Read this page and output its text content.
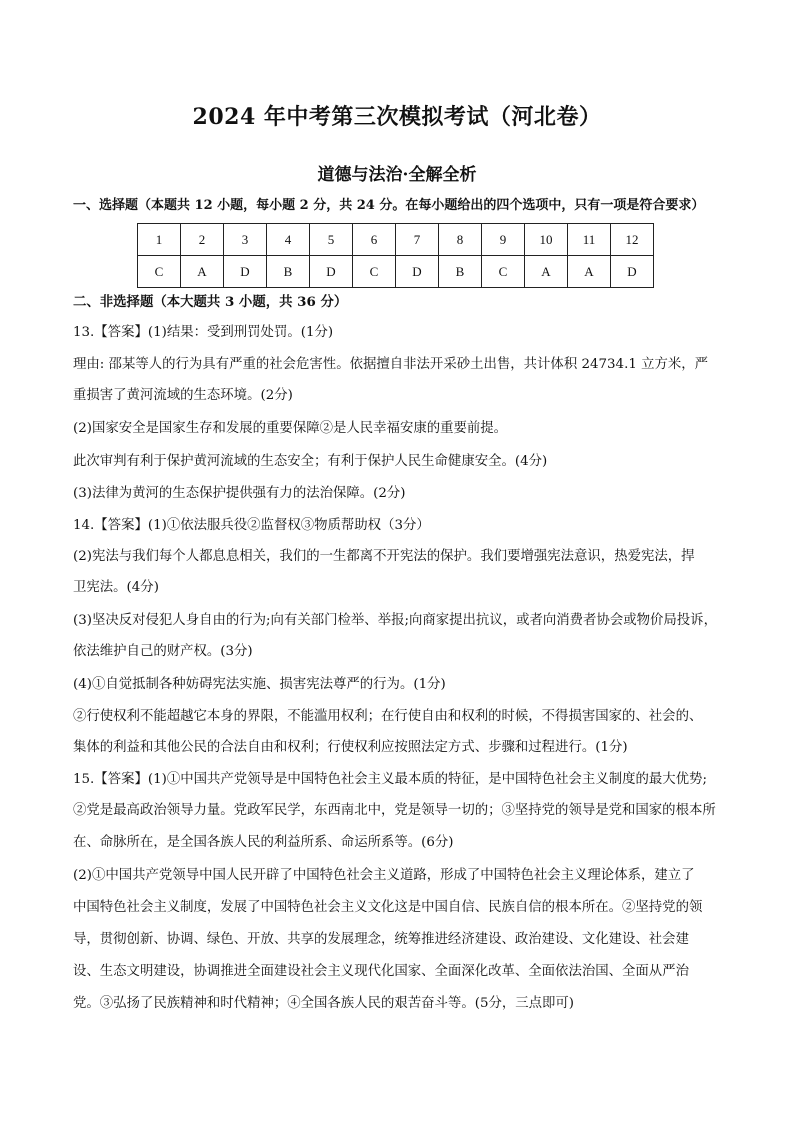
2024 年中考第三次模拟考试（河北卷）
道德与法治·全解全析
一、选择题（本题共 12 小题，每小题 2 分，共 24 分。在每小题给出的四个选项中，只有一项是符合要求）
1	2	3	4	5	6	7	8	9	10	11	12
C	A	D	B	D	C	D	B	C	A	A	D
二、非选择题（本大题共 3 小题，共 36 分）
13.【答案】(1)结果：受到刑罚处罚。(1分)
理由: 邵某等人的行为具有严重的社会危害性。依据擅自非法开采砂土出售，共计体积 24734.1 立方米，严
重损害了黄河流域的生态环境。(2分)
(2)国家安全是国家生存和发展的重要保障②是人民幸福安康的重要前提。
此次审判有利于保护黄河流域的生态安全；有利于保护人民生命健康安全。(4分)
(3)法律为黄河的生态保护提供强有力的法治保障。(2分)
14.【答案】(1)①依法服兵役②监督权③物质帮助权（3分）
(2)宪法与我们每个人都息息相关，我们的一生都离不开宪法的保护。我们要增强宪法意识，热爱宪法，捍
卫宪法。(4分)
(3)坚决反对侵犯人身自由的行为;向有关部门检举、举报;向商家提出抗议，或者向消费者协会或物价局投诉，
依法维护自己的财产权。(3分)
(4)①自觉抵制各种妨碍宪法实施、损害宪法尊严的行为。(1分)
②行使权利不能超越它本身的界限，不能滥用权利；在行使自由和权利的时候，不得损害国家的、社会的、
集体的利益和其他公民的合法自由和权利；行使权利应按照法定方式、步骤和过程进行。(1分)
15.【答案】(1)①中国共产党领导是中国特色社会主义最本质的特征，是中国特色社会主义制度的最大优势;
②党是最高政治领导力量。党政军民学，东西南北中，党是领导一切的；③坚持党的领导是党和国家的根本所
在、命脉所在，是全国各族人民的利益所系、命运所系等。(6分)
(2)①中国共产党领导中国人民开辟了中国特色社会主义道路，形成了中国特色社会主义理论体系，建立了
中国特色社会主义制度，发展了中国特色社会主义文化这是中国自信、民族自信的根本所在。②坚持党的领
导，贯彻创新、协调、绿色、开放、共享的发展理念，统筹推进经济建设、政治建设、文化建设、社会建
设、生态文明建设，协调推进全面建设社会主义现代化国家、全面深化改革、全面依法治国、全面从严治
党。③弘扬了民族精神和时代精神；④全国各族人民的艰苦奋斗等。(5分，三点即可)
